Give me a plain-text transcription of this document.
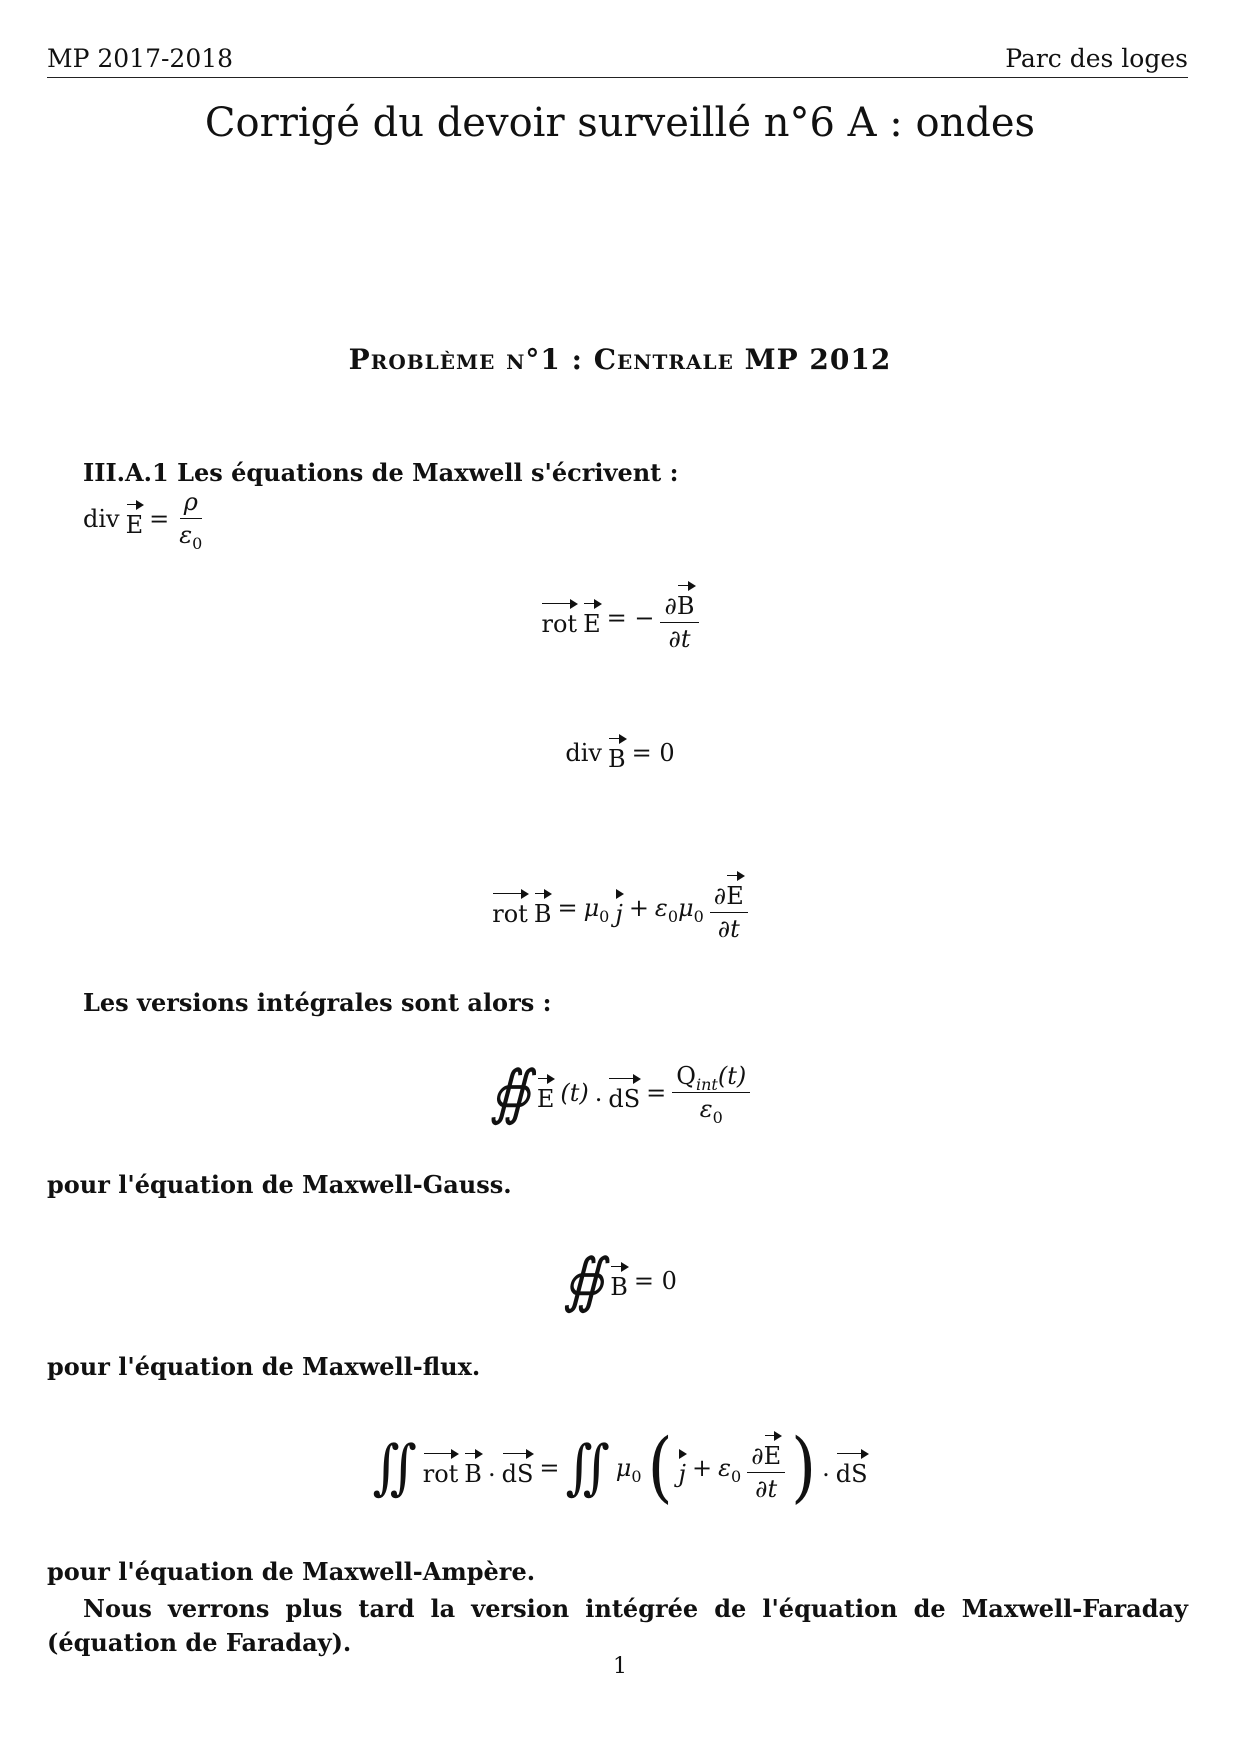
MP 2017-2018	Parc des loges
Corrigé du devoir surveillé n°6 A : ondes
Problème n°1 : Centrale MP 2012
III.A.1 Les équations de Maxwell s'écrivent :
div $E = \frac{\rho}{\varepsilon_0}$
rot E = − $\frac{\partial B}{\partial t}$
div B = 0
rot $B = \mu_0$ $j + \varepsilon_0\mu_0 \frac{\partial E}{\partial t}$
Les versions intégrales sont alors :
∯ E (t) . dS = $\frac{Q_{int}(t)}{\varepsilon_0}$
pour l'équation de Maxwell-Gauss.
∯ B = 0
pour l'équation de Maxwell-flux.
∬ rot B . dS = ∬ $\mu_0$ ( $j + \varepsilon_0 \frac{\partial E}{\partial t}$ ) . dS
pour l'équation de Maxwell-Ampère.
Nous verrons plus tard la version intégrée de l'équation de Maxwell-Faraday (équation de Faraday).
1
